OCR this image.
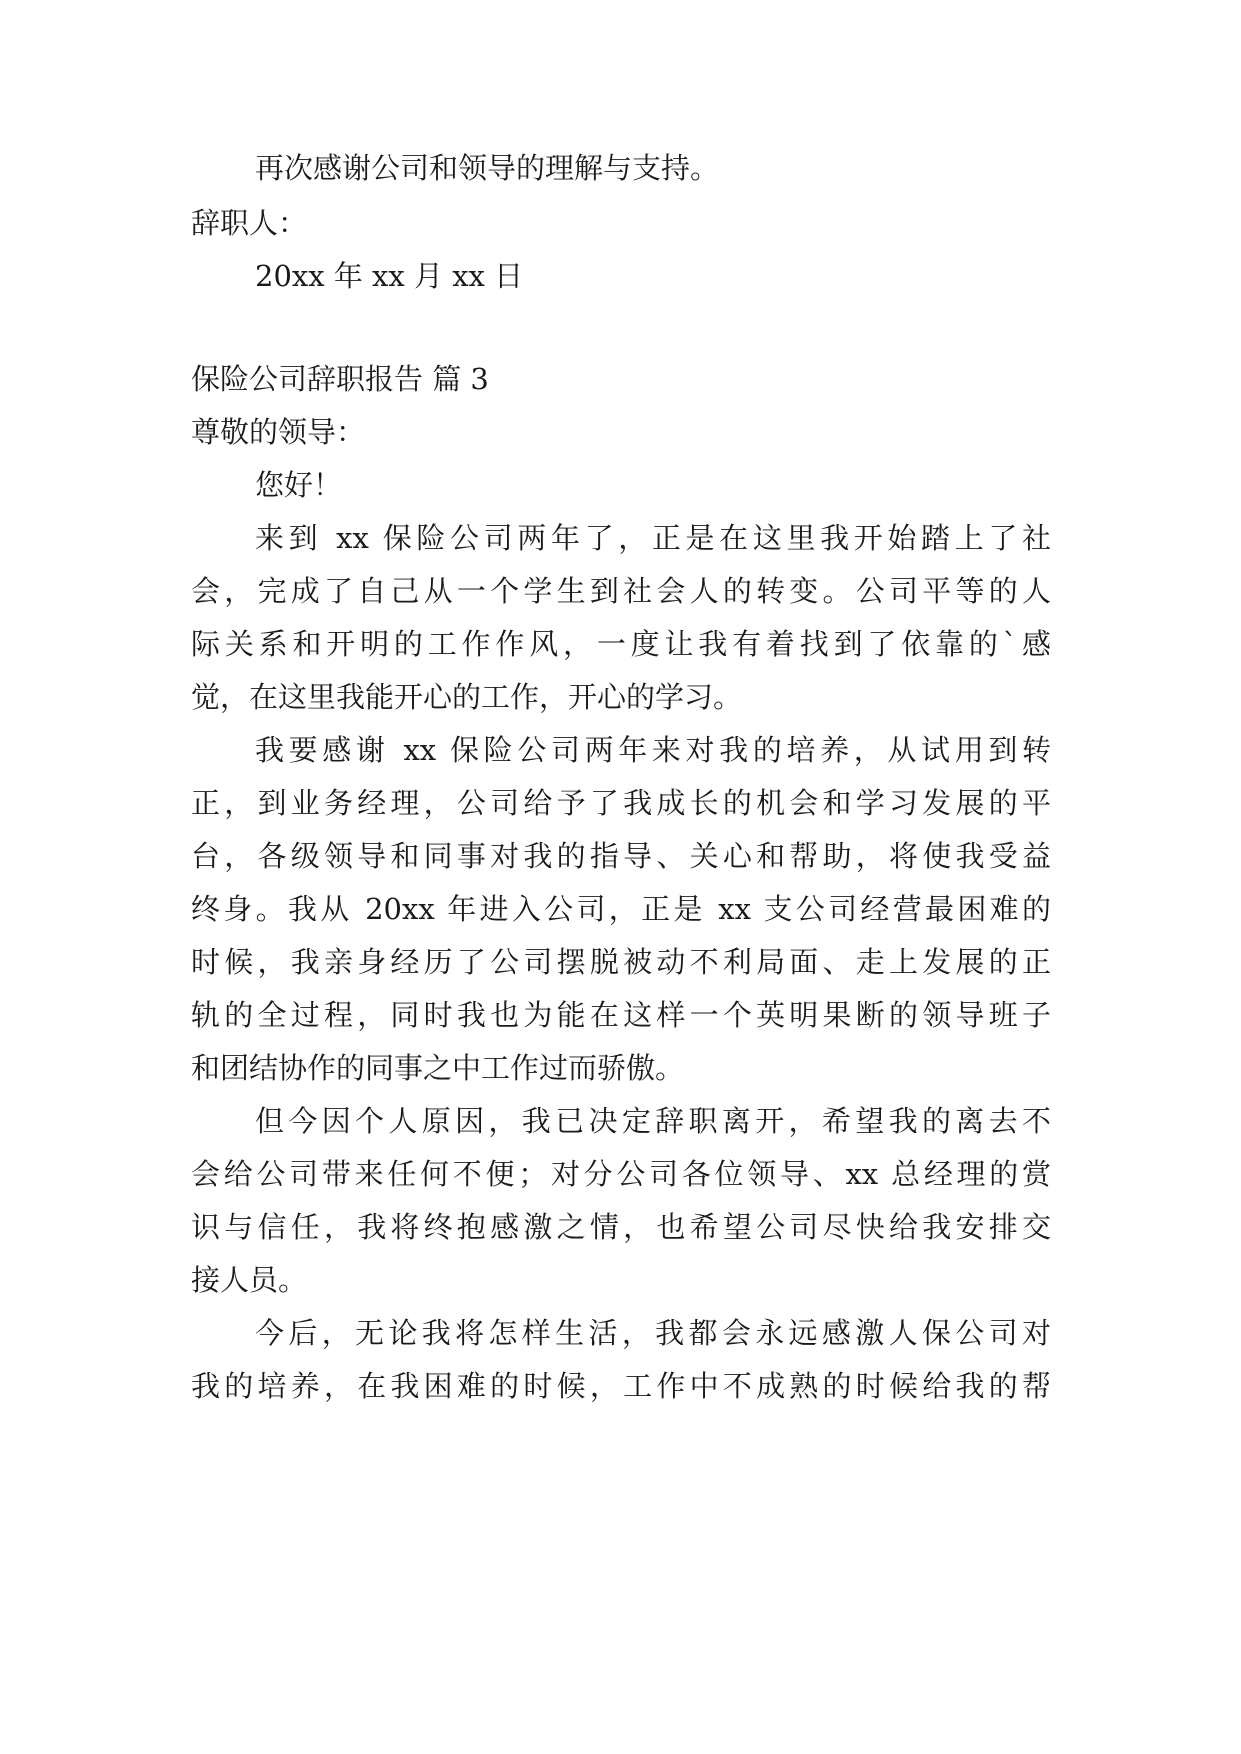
再次感谢公司和领导的理解与支持。

辞职人：

20xx 年 xx 月 xx 日

保险公司辞职报告 篇 3

尊敬的领导：

您好！

来到 xx 保险公司两年了，正是在这里我开始踏上了社

会，完成了自己从一个学生到社会人的转变。公司平等的人

际关系和开明的工作作风，一度让我有着找到了依靠的`感

觉，在这里我能开心的工作，开心的学习。

我要感谢 xx 保险公司两年来对我的培养，从试用到转

正，到业务经理，公司给予了我成长的机会和学习发展的平

台，各级领导和同事对我的指导、关心和帮助，将使我受益

终身。我从 20xx 年进入公司，正是 xx 支公司经营最困难的

时候，我亲身经历了公司摆脱被动不利局面、走上发展的正

轨的全过程，同时我也为能在这样一个英明果断的领导班子

和团结协作的同事之中工作过而骄傲。

但今因个人原因，我已决定辞职离开，希望我的离去不

会给公司带来任何不便；对分公司各位领导、xx 总经理的赏

识与信任，我将终抱感激之情，也希望公司尽快给我安排交

接人员。

今后，无论我将怎样生活，我都会永远感激人保公司对

我的培养，在我困难的时候，工作中不成熟的时候给我的帮
